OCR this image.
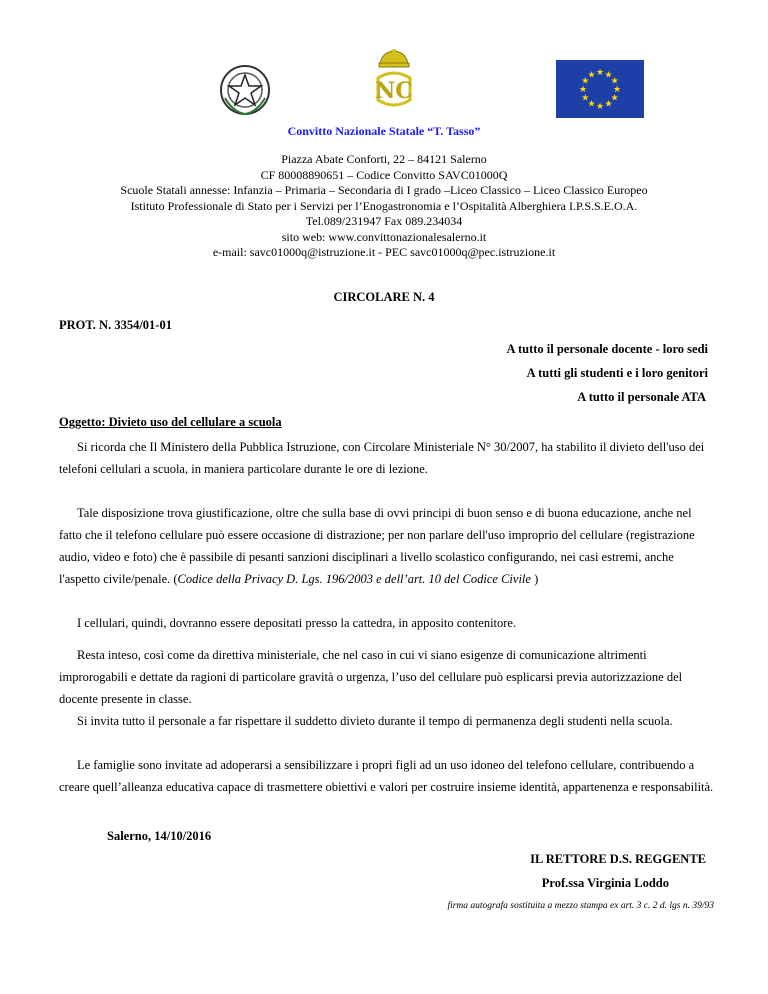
NC
★ ★
★
★
★
★
★
★
★
★
★
★
Convitto Nazionale Statale “T. Tasso”
Piazza Abate Conforti, 22 – 84121 Salerno
CF 80008890651 – Codice Convitto SAVC01000Q
Scuole Statali annesse: Infanzia – Primaria – Secondaria di I grado –Liceo Classico – Liceo Classico Europeo
Istituto Professionale di Stato per i Servizi per l’Enogastronomia e l’Ospitalità Alberghiera I.P.S.S.E.O.A.
Tel.089/231947 Fax 089.234034
sito web: www.convittonazionalesalerno.it
e-mail: savc01000q@istruzione.it - PEC savc01000q@pec.istruzione.it
CIRCOLARE N. 4
PROT. N. 3354/01-01
A tutto il personale docente - loro sedi
A tutti gli studenti e i loro genitori
A tutto il personale ATA
Oggetto: Divieto uso del cellulare a scuola
Si ricorda che Il Ministero della Pubblica Istruzione, con Circolare Ministeriale N° 30/2007, ha stabilito il divieto dell'uso dei telefoni cellulari a scuola, in maniera particolare durante le ore di lezione.
Tale disposizione trova giustificazione, oltre che sulla base di ovvi principi di buon senso e di buona educazione, anche nel fatto che il telefono cellulare può essere occasione di distrazione; per non parlare dell'uso improprio del cellulare (registrazione audio, video e foto) che è passibile di pesanti sanzioni disciplinari a livello scolastico configurando, nei casi estremi, anche l'aspetto civile/penale. (Codice della Privacy D. Lgs. 196/2003 e dell’art. 10 del Codice Civile )
I cellulari, quindi, dovranno essere depositati presso la cattedra, in apposito contenitore.
Resta inteso, così come da direttiva ministeriale, che nel caso in cui vi siano esigenze di comunicazione altrimenti improrogabili e dettate da ragioni di particolare gravità o urgenza, l’uso del cellulare può esplicarsi previa autorizzazione del docente presente in classe.
Si invita tutto il personale a far rispettare il suddetto divieto durante il tempo di permanenza degli studenti nella scuola.
Le famiglie sono invitate ad adoperarsi a sensibilizzare i propri figli ad un uso idoneo del telefono cellulare, contribuendo a creare quell’alleanza educativa capace di trasmettere obiettivi e valori per costruire insieme identità, appartenenza e responsabilità.
Salerno, 14/10/2016
IL RETTORE D.S. REGGENTE
Prof.ssa Virginia Loddo
firma autografa sostituita a mezzo stampa ex art. 3 c. 2 d. lgs n. 39/93
